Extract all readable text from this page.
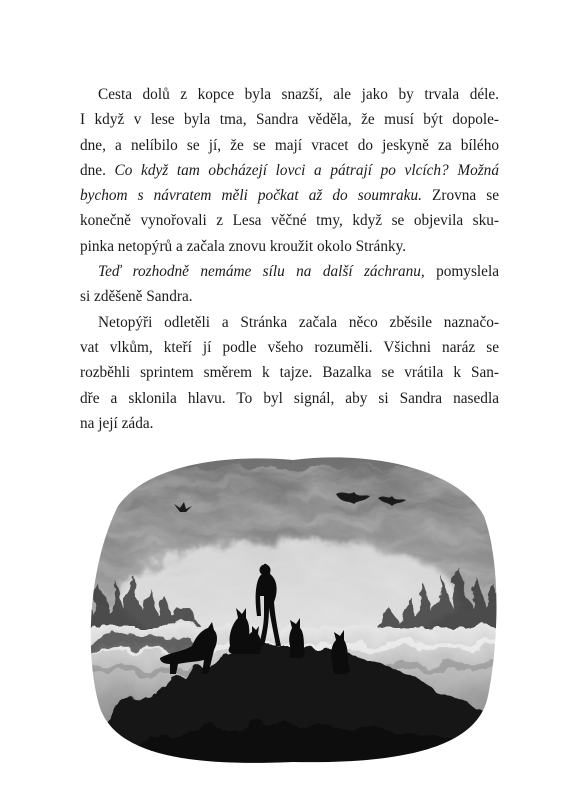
Cesta dolů z kopce byla snazší, ale jako by trvala déle.
I když v lese byla tma, Sandra věděla, že musí být dopole-
dne, a nelíbilo se jí, že se mají vracet do jeskyně za bílého
dne. Co když tam obcházejí lovci a pátrají po vlcích? Možná
bychom s návratem měli počkat až do soumraku. Zrovna se
konečně vynořovali z Lesa věčné tmy, když se objevila sku-
pinka netopýrů a začala znovu kroužit okolo Stránky.
Teď rozhodně nemáme sílu na další záchranu, pomyslela
si zděšeně Sandra.
Netopýři odletěli a Stránka začala něco zběsile naznačo-
vat vlkům, kteří jí podle všeho rozuměli. Všichni naráz se
rozběhli sprintem směrem k tajze. Bazalka se vrátila k San-
dře a sklonila hlavu. To byl signál, aby si Sandra nasedla
na její záda.
